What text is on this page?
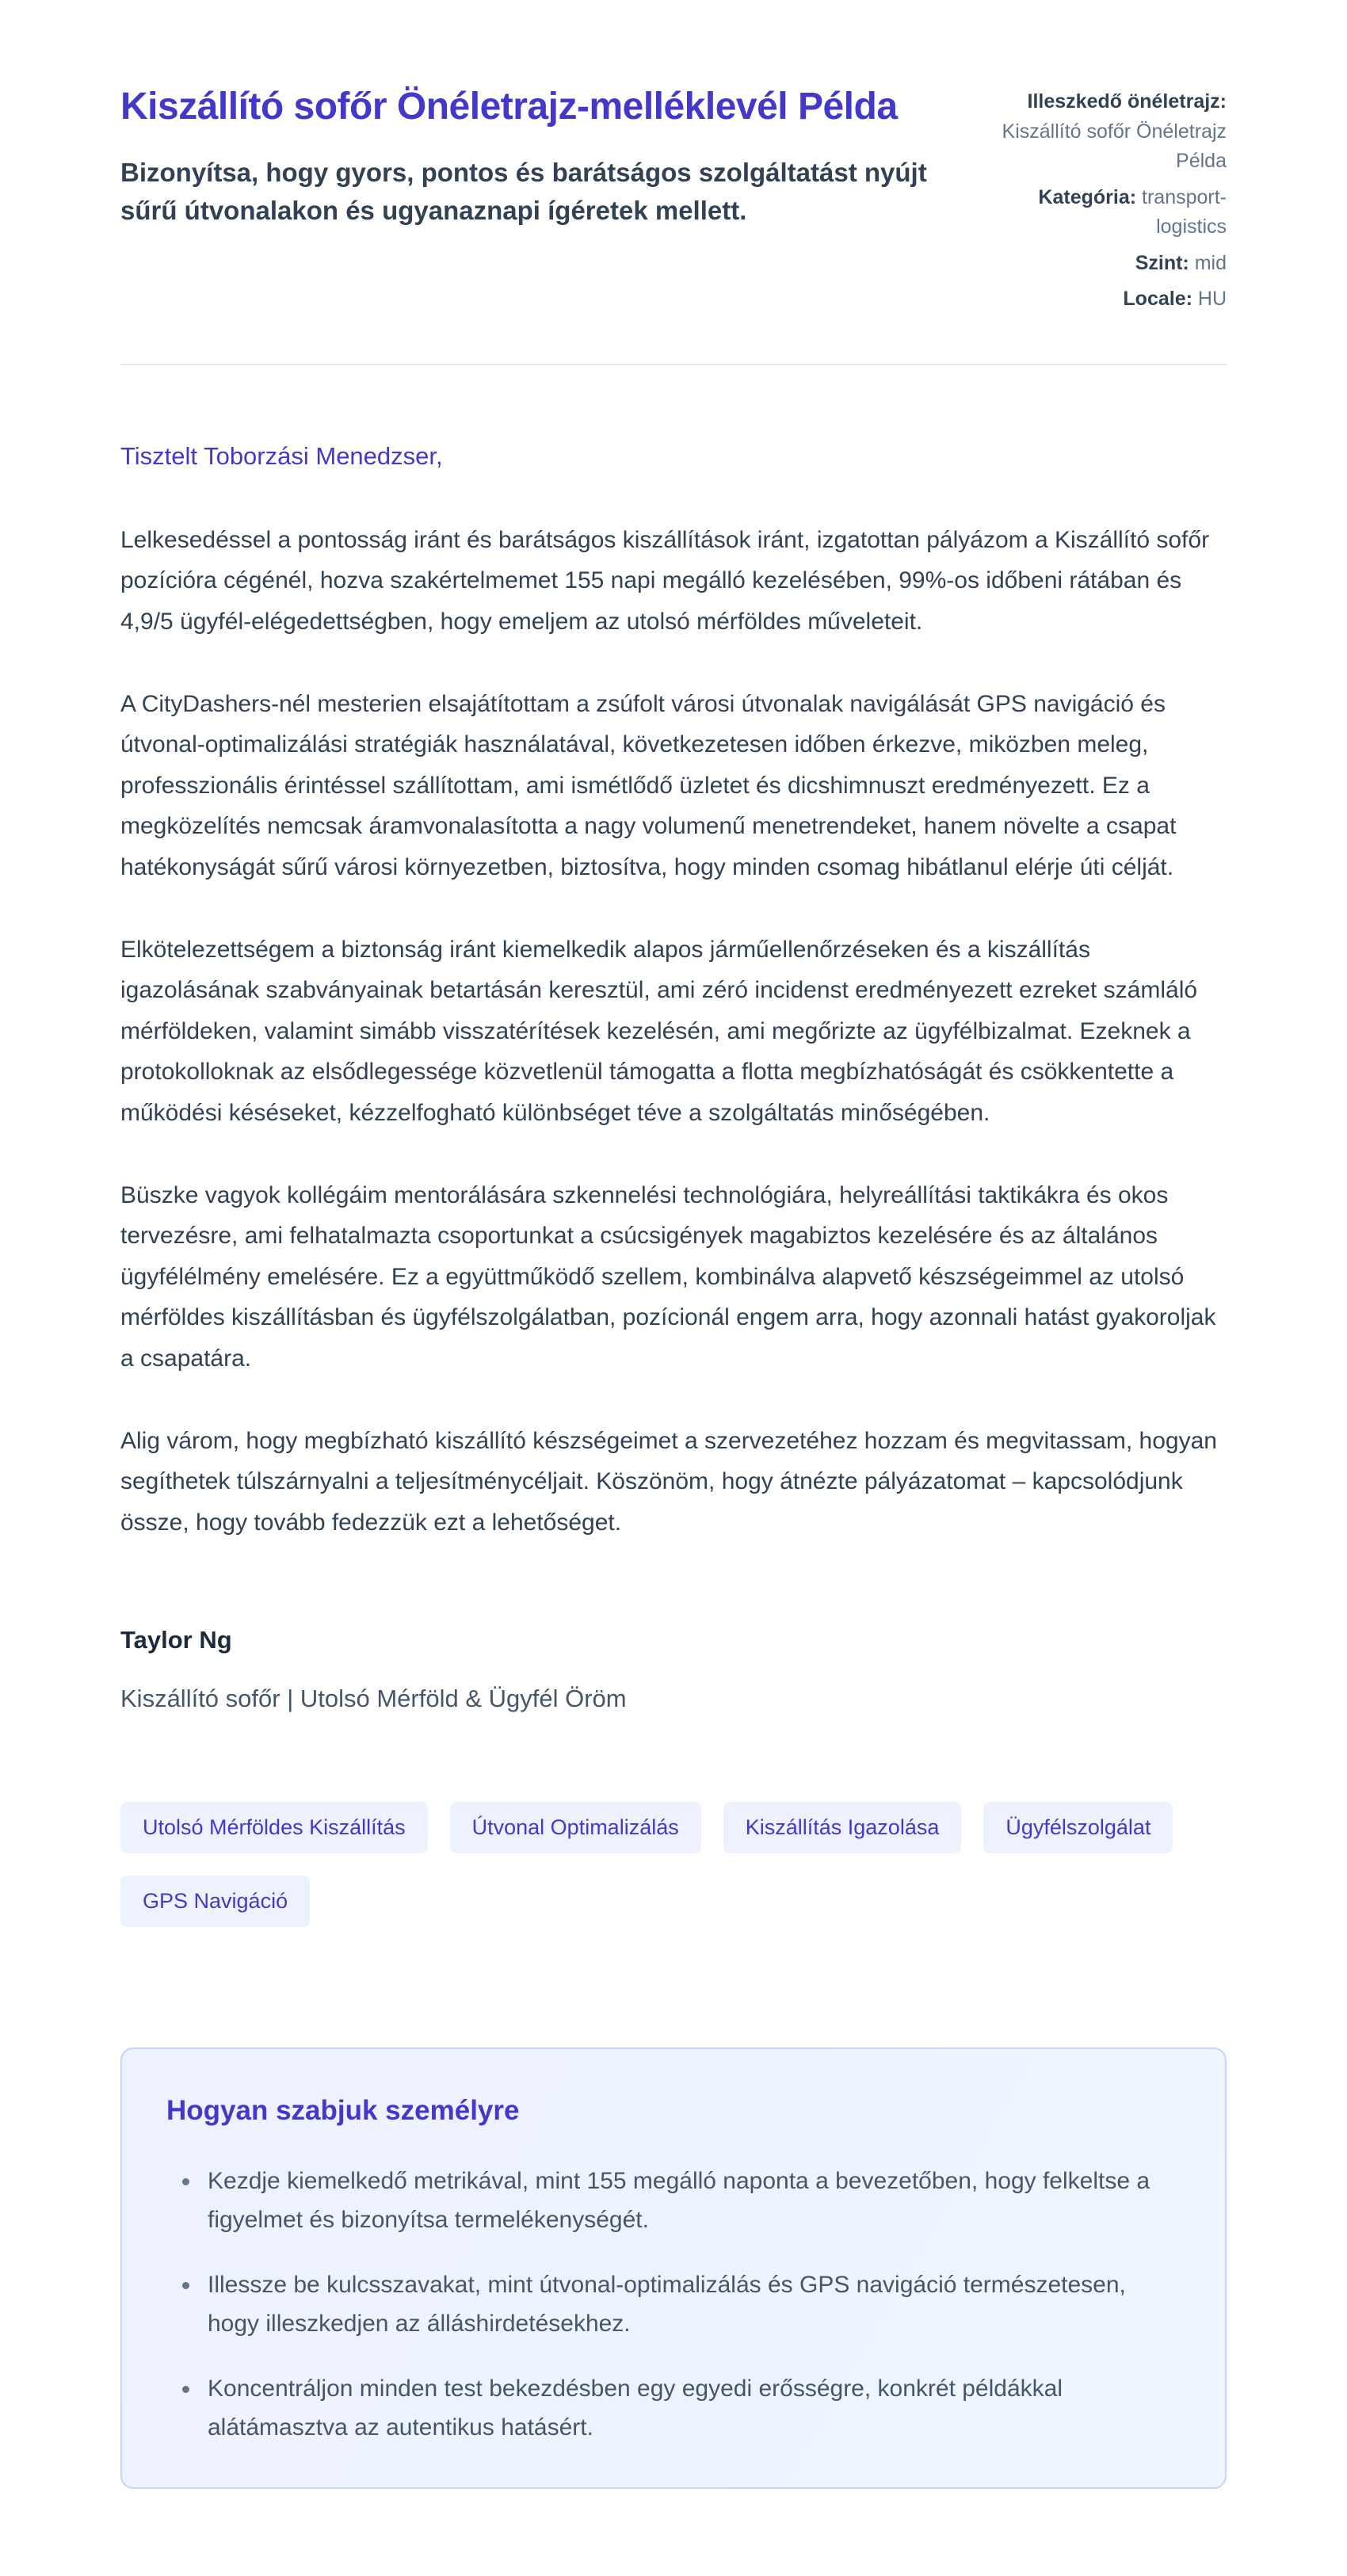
Kiszállító sofőr Önéletrajz-melléklevél Példa

Bizonyítsa, hogy gyors, pontos és barátságos szolgáltatást nyújt sűrű útvonalakon és ugyanaznapi ígéretek mellett.

Illeszkedő önéletrajz: Kiszállító sofőr Önéletrajz Példa
Kategória: transport-logistics
Szint: mid
Locale: HU

Tisztelt Toborzási Menedzser,

Lelkesedéssel a pontosság iránt és barátságos kiszállítások iránt, izgatottan pályázom a Kiszállító sofőr pozícióra cégénél, hozva szakértelmemet 155 napi megálló kezelésében, 99%-os időbeni rátában és 4,9/5 ügyfél-elégedettségben, hogy emeljem az utolsó mérföldes műveleteit.

A CityDashers-nél mesterien elsajátítottam a zsúfolt városi útvonalak navigálását GPS navigáció és útvonal-optimalizálási stratégiák használatával, következetesen időben érkezve, miközben meleg, professzionális érintéssel szállítottam, ami ismétlődő üzletet és dicshimnuszt eredményezett. Ez a megközelítés nemcsak áramvonalasította a nagy volumenű menetrendeket, hanem növelte a csapat hatékonyságát sűrű városi környezetben, biztosítva, hogy minden csomag hibátlanul elérje úti célját.

Elkötelezettségem a biztonság iránt kiemelkedik alapos járműellenőrzéseken és a kiszállítás igazolásának szabványainak betartásán keresztül, ami zéró incidenst eredményezett ezreket számláló mérföldeken, valamint simább visszatérítések kezelésén, ami megőrizte az ügyfélbizalmat. Ezeknek a protokolloknak az elsődlegessége közvetlenül támogatta a flotta megbízhatóságát és csökkentette a működési késéseket, kézzelfogható különbséget téve a szolgáltatás minőségében.

Büszke vagyok kollégáim mentorálására szkennelési technológiára, helyreállítási taktikákra és okos tervezésre, ami felhatalmazta csoportunkat a csúcsigények magabiztos kezelésére és az általános ügyfélélmény emelésére. Ez a együttműködő szellem, kombinálva alapvető készségeimmel az utolsó mérföldes kiszállításban és ügyfélszolgálatban, pozícionál engem arra, hogy azonnali hatást gyakoroljak a csapatára.

Alig várom, hogy megbízható kiszállító készségeimet a szervezetéhez hozzam és megvitassam, hogyan segíthetek túlszárnyalni a teljesítménycéljait. Köszönöm, hogy átnézte pályázatomat – kapcsolódjunk össze, hogy tovább fedezzük ezt a lehetőséget.

Taylor Ng

Kiszállító sofőr | Utolsó Mérföld & Ügyfél Öröm

Utolsó Mérföldes Kiszállítás	Útvonal Optimalizálás	Kiszállítás Igazolása	Ügyfélszolgálat
GPS Navigáció
Hogyan szabjuk személyre
• Kezdje kiemelkedő metrikával, mint 155 megálló naponta a bevezetőben, hogy felkeltse a figyelmet és bizonyítsa termelékenységét.
• Illessze be kulcsszavakat, mint útvonal-optimalizálás és GPS navigáció természetesen, hogy illeszkedjen az álláshirdetésekhez.
• Koncentráljon minden test bekezdésben egy egyedi erősségre, konkrét példákkal alátámasztva az autentikus hatásért.
